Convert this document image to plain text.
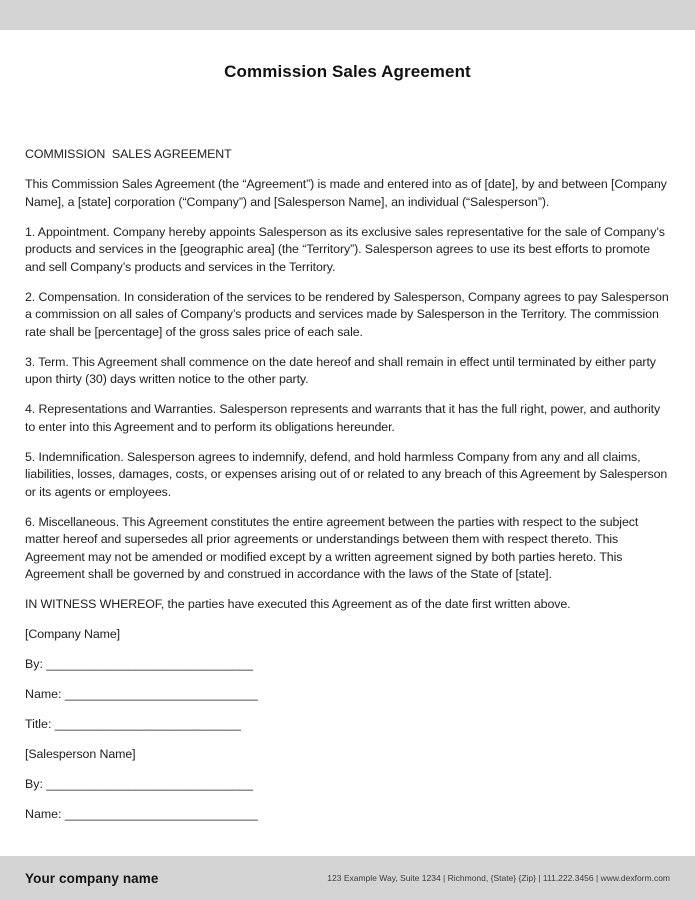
Commission Sales Agreement

COMMISSION  SALES AGREEMENT

This Commission Sales Agreement (the “Agreement”) is made and entered into as of [date], by and between [Company Name], a [state] corporation (“Company”) and [Salesperson Name], an individual (“Salesperson”).

1. Appointment. Company hereby appoints Salesperson as its exclusive sales representative for the sale of Company’s products and services in the [geographic area] (the “Territory”). Salesperson agrees to use its best efforts to promote and sell Company’s products and services in the Territory.

2. Compensation. In consideration of the services to be rendered by Salesperson, Company agrees to pay Salesperson a commission on all sales of Company’s products and services made by Salesperson in the Territory. The commission rate shall be [percentage] of the gross sales price of each sale.

3. Term. This Agreement shall commence on the date hereof and shall remain in effect until terminated by either party upon thirty (30) days written notice to the other party.

4. Representations and Warranties. Salesperson represents and warrants that it has the full right, power, and authority to enter into this Agreement and to perform its obligations hereunder.

5. Indemnification. Salesperson agrees to indemnify, defend, and hold harmless Company from any and all claims, liabilities, losses, damages, costs, or expenses arising out of or related to any breach of this Agreement by Salesperson or its agents or employees.

6. Miscellaneous. This Agreement constitutes the entire agreement between the parties with respect to the subject matter hereof and supersedes all prior agreements or understandings between them with respect thereto. This Agreement may not be amended or modified except by a written agreement signed by both parties hereto. This Agreement shall be governed by and construed in accordance with the laws of the State of [state].

IN WITNESS WHEREOF, the parties have executed this Agreement as of the date first written above.

[Company Name]

By: ______________________________

Name: ____________________________

Title: ___________________________

[Salesperson Name]

By: ______________________________

Name: ____________________________

Your company name	123 Example Way, Suite 1234 | Richmond, {State} {Zip} | 111.222.3456 | www.dexform.com
